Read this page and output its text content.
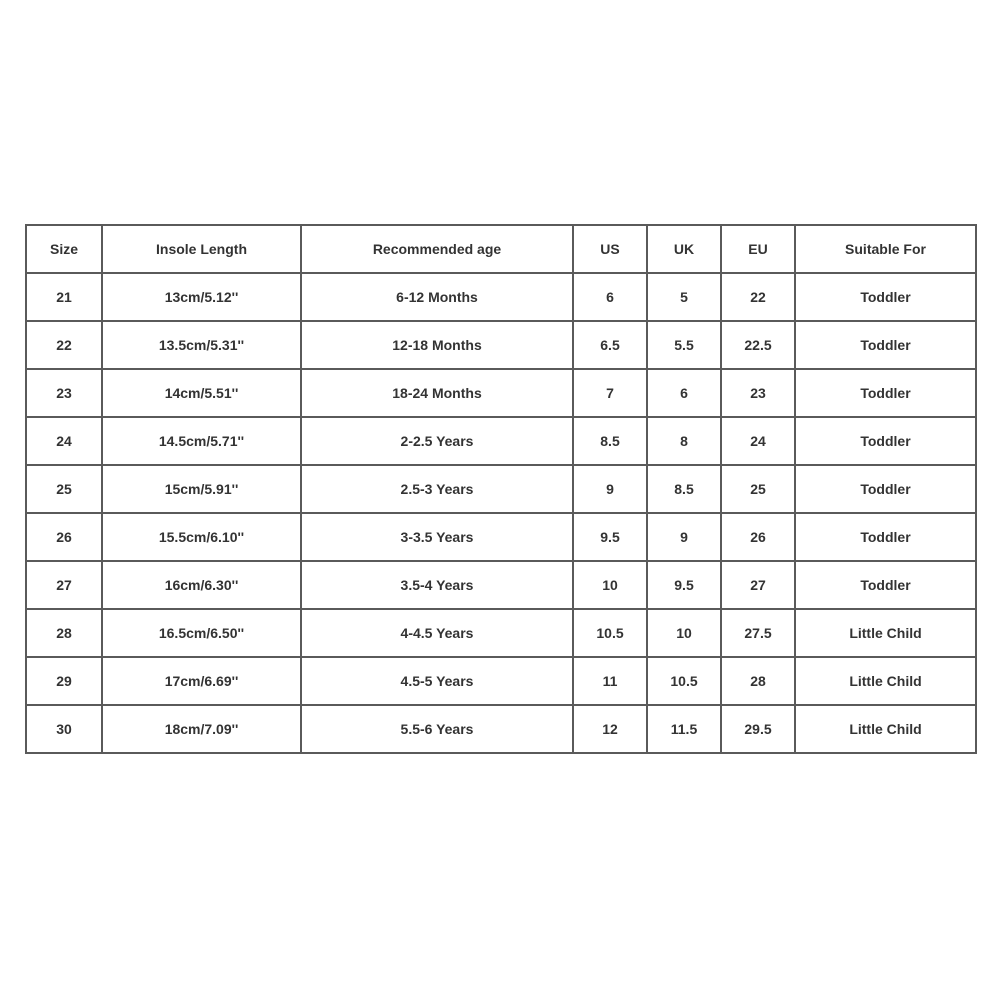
Size	Insole Length	Recommended age	US	UK	EU	Suitable For
21	13cm/5.12''	6-12 Months	6	5	22	Toddler
22	13.5cm/5.31''	12-18 Months	6.5	5.5	22.5	Toddler
23	14cm/5.51''	18-24 Months	7	6	23	Toddler
24	14.5cm/5.71''	2-2.5 Years	8.5	8	24	Toddler
25	15cm/5.91''	2.5-3 Years	9	8.5	25	Toddler
26	15.5cm/6.10''	3-3.5 Years	9.5	9	26	Toddler
27	16cm/6.30''	3.5-4 Years	10	9.5	27	Toddler
28	16.5cm/6.50''	4-4.5 Years	10.5	10	27.5	Little Child
29	17cm/6.69''	4.5-5 Years	11	10.5	28	Little Child
30	18cm/7.09''	5.5-6 Years	12	11.5	29.5	Little Child
